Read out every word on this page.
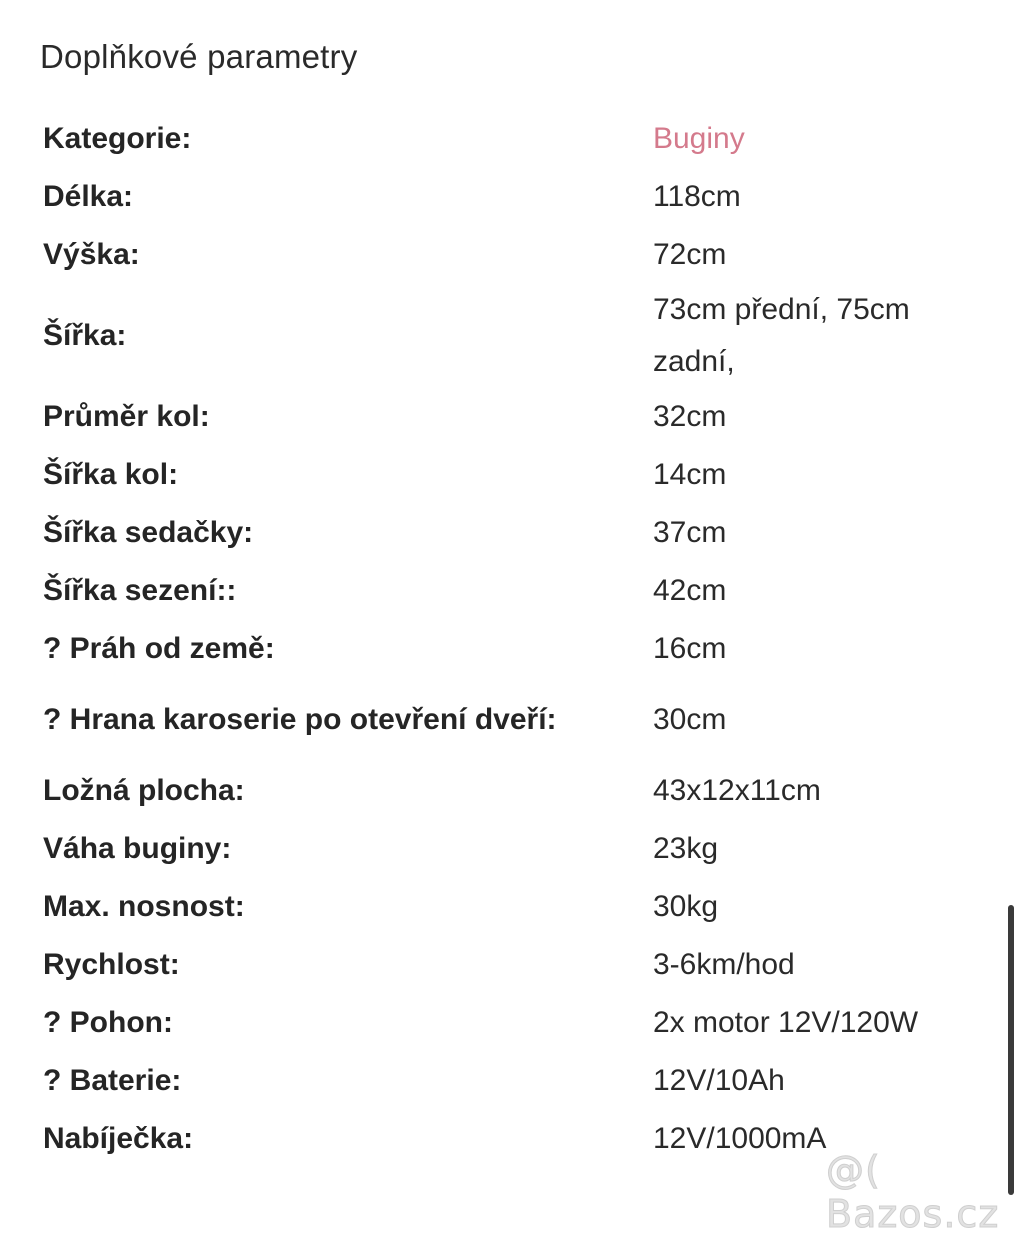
Doplňkové parametry
Kategorie:	Buginy
Délka:	118cm
Výška:	72cm
Šířka:	73cm přední, 75cm zadní,
Průměr kol:	32cm
Šířka kol:	14cm
Šířka sedačky:	37cm
Šířka sezení::	42cm
? Práh od země:	16cm
? Hrana karoserie po otevření dveří:	30cm
Ložná plocha:	43x12x11cm
Váha buginy:	23kg
Max. nosnost:	30kg
Rychlost:	3-6km/hod
? Pohon:	2x motor 12V/120W
? Baterie:	12V/10Ah
Nabíječka:	12V/1000mA
@( Bazos.cz
